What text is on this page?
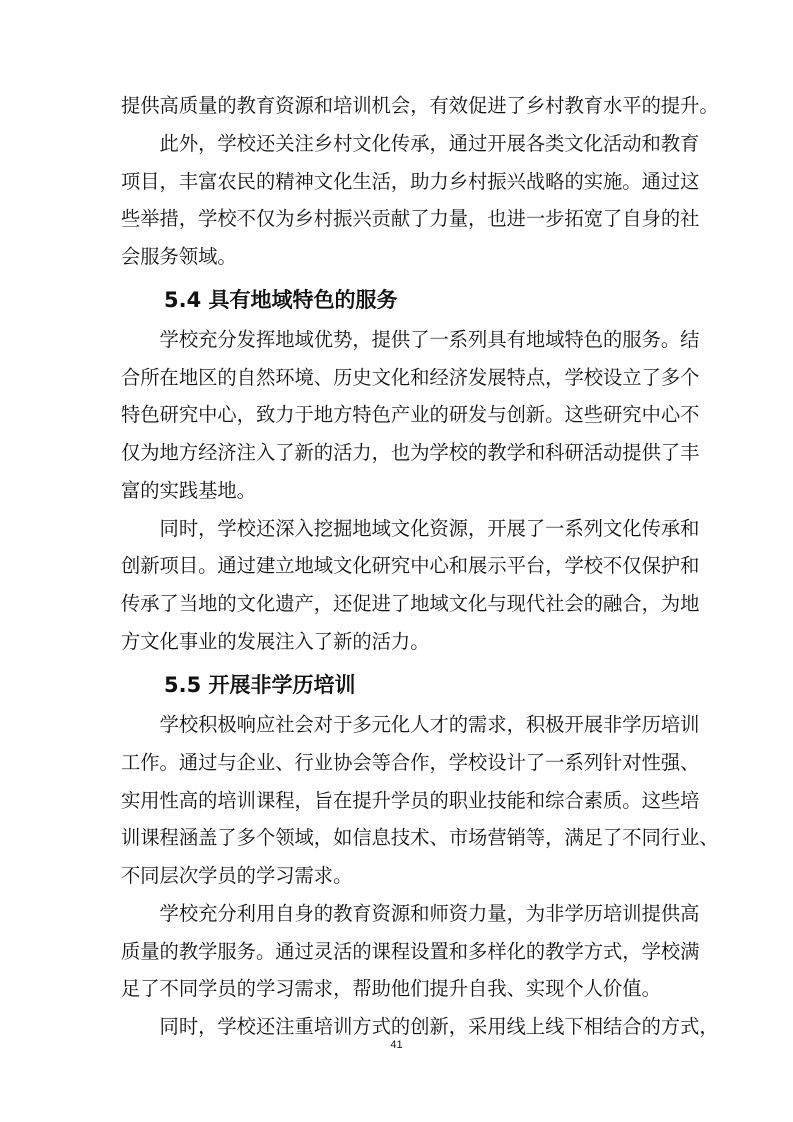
提供高质量的教育资源和培训机会，有效促进了乡村教育水平的提升。
　　此外，学校还关注乡村文化传承，通过开展各类文化活动和教育
项目，丰富农民的精神文化生活，助力乡村振兴战略的实施。通过这
些举措，学校不仅为乡村振兴贡献了力量，也进一步拓宽了自身的社
会服务领域。
5.4 具有地域特色的服务
　　学校充分发挥地域优势，提供了一系列具有地域特色的服务。结
合所在地区的自然环境、历史文化和经济发展特点，学校设立了多个
特色研究中心，致力于地方特色产业的研发与创新。这些研究中心不
仅为地方经济注入了新的活力，也为学校的教学和科研活动提供了丰
富的实践基地。
　　同时，学校还深入挖掘地域文化资源，开展了一系列文化传承和
创新项目。通过建立地域文化研究中心和展示平台，学校不仅保护和
传承了当地的文化遗产，还促进了地域文化与现代社会的融合，为地
方文化事业的发展注入了新的活力。
5.5 开展非学历培训
　　学校积极响应社会对于多元化人才的需求，积极开展非学历培训
工作。通过与企业、行业协会等合作，学校设计了一系列针对性强、
实用性高的培训课程，旨在提升学员的职业技能和综合素质。这些培
训课程涵盖了多个领域，如信息技术、市场营销等，满足了不同行业、
不同层次学员的学习需求。
　　学校充分利用自身的教育资源和师资力量，为非学历培训提供高
质量的教学服务。通过灵活的课程设置和多样化的教学方式，学校满
足了不同学员的学习需求，帮助他们提升自我、实现个人价值。
　　同时，学校还注重培训方式的创新，采用线上线下相结合的方式，
41
